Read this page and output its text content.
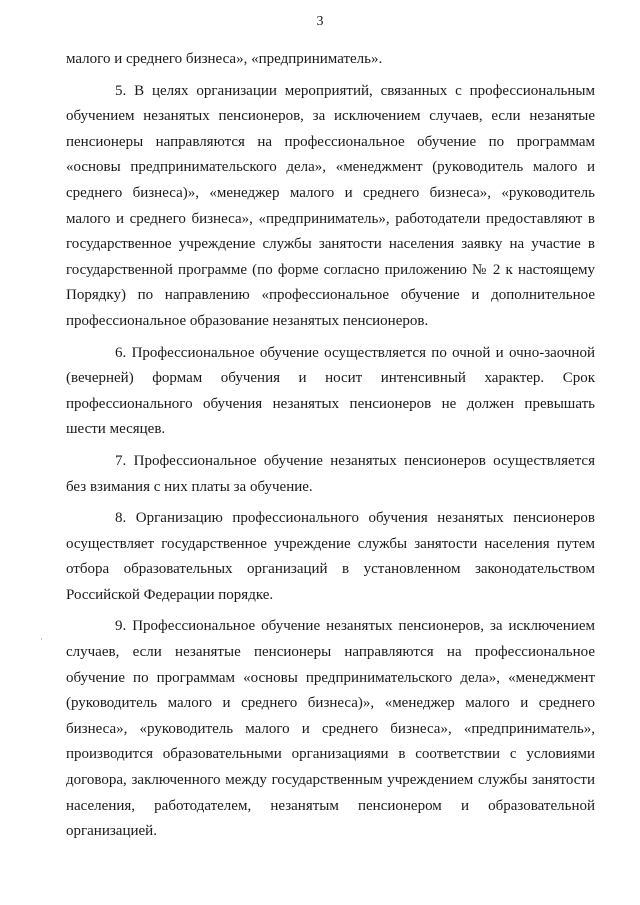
3
·

малого и среднего бизнеса», «предприниматель».

5. В целях организации мероприятий, связанных с профессиональным обучением незанятых пенсионеров, за исключением случаев, если незанятые пенсионеры направляются на профессиональное обучение по программам «основы предпринимательского дела», «менеджмент (руководитель малого и среднего бизнеса)», «менеджер малого и среднего бизнеса», «руководитель малого и среднего бизнеса», «предприниматель», работодатели предоставляют в государственное учреждение службы занятости населения заявку на участие в государственной программе (по форме согласно приложению № 2 к настоящему Порядку) по направлению «профессиональное обучение и дополнительное профессиональное образование незанятых пенсионеров.

6. Профессиональное обучение осуществляется по очной и очно-заочной (вечерней) формам обучения и носит интенсивный характер. Срок профессионального обучения незанятых пенсионеров не должен превышать шести месяцев.

7. Профессиональное обучение незанятых пенсионеров осуществляется без взимания с них платы за обучение.

8. Организацию профессионального обучения незанятых пенсионеров осуществляет государственное учреждение службы занятости населения путем отбора образовательных организаций в установленном законодательством Российской Федерации порядке.

9. Профессиональное обучение незанятых пенсионеров, за исключением случаев, если незанятые пенсионеры направляются на профессиональное обучение по программам «основы предпринимательского дела», «менеджмент (руководитель малого и среднего бизнеса)», «менеджер малого и среднего бизнеса», «руководитель малого и среднего бизнеса», «предприниматель», производится образовательными организациями в соответствии с условиями договора, заключенного между государственным учреждением службы занятости населения, работодателем, незанятым пенсионером и образовательной организацией.
